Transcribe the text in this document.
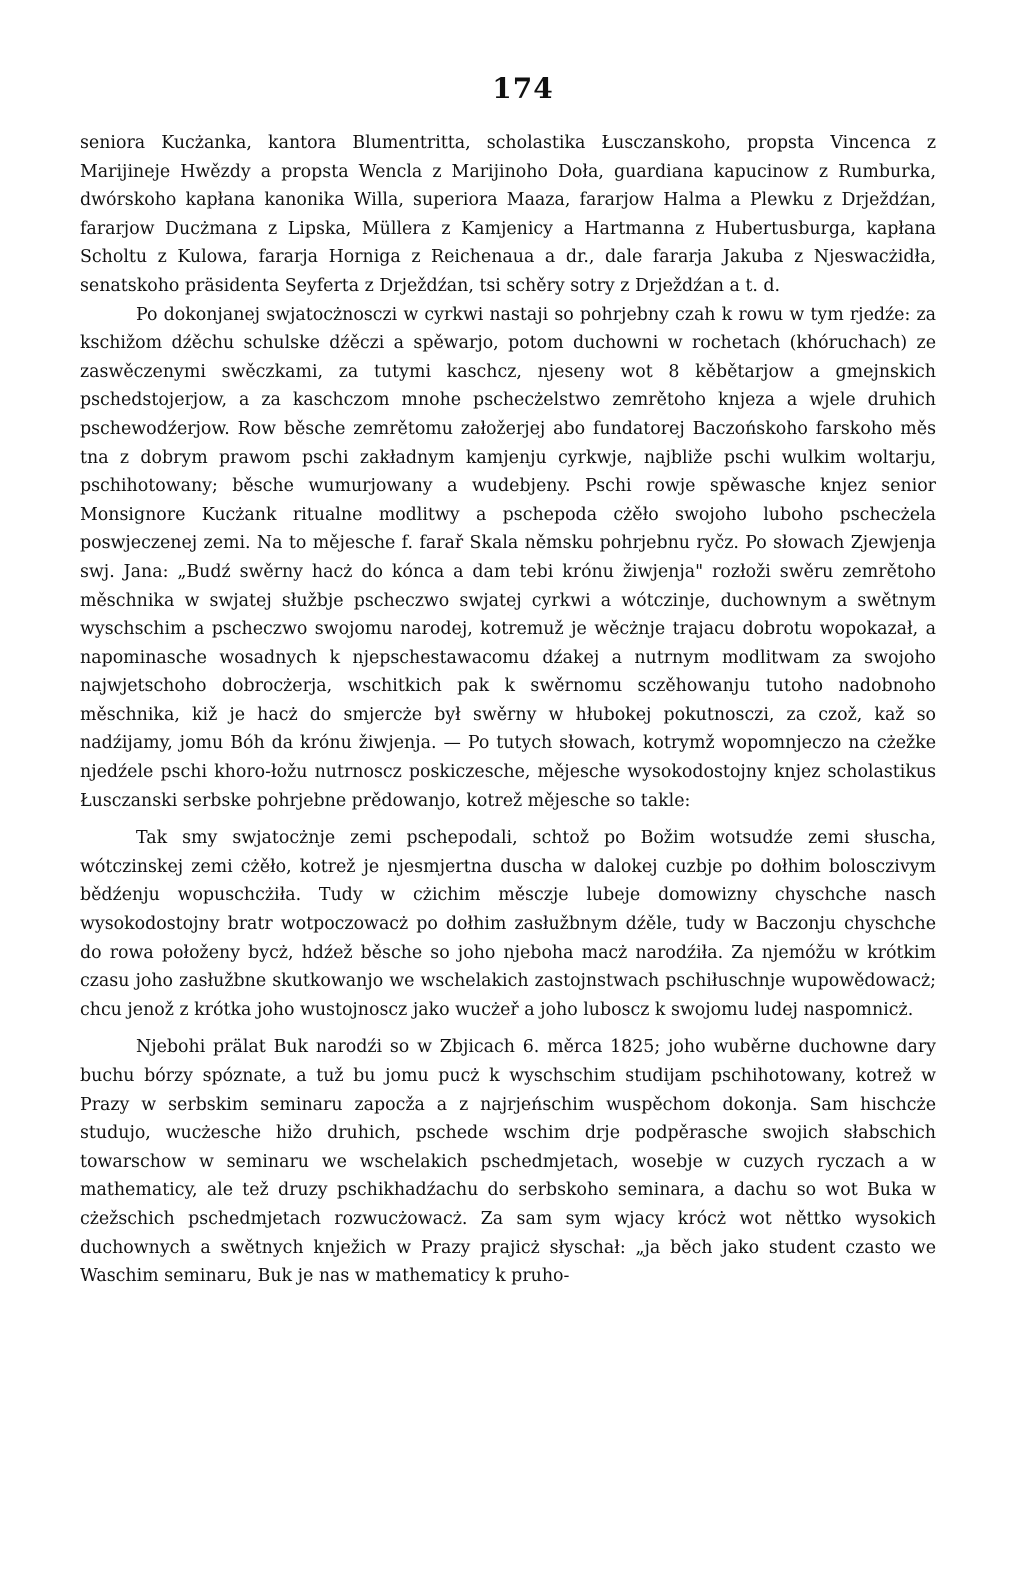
174

seniora Kucżanka, kantora Blumentritta, scholastika Łusczanskoho, propsta Vincenca z Marijineje Hwězdy a propsta Wencla z Marijinoho Doła, guardiana kapucinow z Rumburka, dwórskoho kapłana kanonika Willa, superiora Maaza, fararjow Halma a Plewku z Drježdźan, fararjow Ducżmana z Lipska, Müllera z Kamjenicy a Hartmanna z Hubertusburga, kapłana Scholtu z Kulowa, fararja Horniga z Reichenaua a dr., dale fararja Jakuba z Njeswacżidła, senatskoho präsidenta Seyferta z Drježdźan, tsi schěry sotry z Drježdźan a t. d.

Po dokonjanej swjatocżnosczi w cyrkwi nastaji so pohrjebny czah k rowu w tym rjedźe: za kschižom dźěchu schulske dźěczi a spěwarjo, potom duchowni w rochetach (khóruchach) ze zaswěczenymi swěczkami, za tutymi kaschcz, njeseny wot 8 kěbětarjow a gmejnskich pschedstojerjow, a za kaschczom mnohe pschecżelstwo zemrětoho knjeza a wjele druhich pschewodźerjow. Row běsche zemrětomu załožerjej abo fundatorej Baczońskoho farskoho měs tna z dobrym prawom pschi zakładnym kamjenju cyrkwje, najbliže pschi wulkim woltarju, pschihotowany; běsche wumurjowany a wudebjeny. Pschi rowje spěwasche knjez senior Monsignore Kucżank ritualne modlitwy a pschepoda cżěło swojoho luboho pschecżela poswjeczenej zemi. Na to mějesche f. farař Skala němsku pohrjebnu ryčz. Po słowach Zjewjenja swj. Jana: „Budź swěrny hacż do kónca a dam tebi krónu žiwjenja" rozłoži swěru zemrětoho měschnika w swjatej słužbje pscheczwo swjatej cyrkwi a wótczinje, duchownym a swětnym wyschschim a pscheczwo swojomu narodej, kotremuž je wěcżnje trajacu dobrotu wopokazał, a napominasche wosadnych k njepschestawacomu dźakej a nutrnym modlitwam za swojoho najwjetschoho dobrocżerja, wschitkich pak k swěrnomu sczěhowanju tutoho nadobnoho měschnika, kiž je hacż do smjercże był swěrny w hłubokej pokutnosczi, za czož, kaž so nadźijamy, jomu Bóh da krónu žiwjenja. — Po tutych słowach, kotrymž wopomnjeczo na cżežke njedźele pschi khoro-łožu nutrnoscz poskiczesche, mějesche wysokodostojny knjez scholastikus Łusczanski serbske pohrjebne prědowanjo, kotrež mějesche so takle:

Tak smy swjatocżnje zemi pschepodali, schtož po Božim wotsudźe zemi słuscha, wótczinskej zemi cżěło, kotrež je njesmjertna duscha w dalokej cuzbje po dołhim bolosczivym bědźenju wopuschcżiła. Tudy w cżichim měsczje lubeje domowizny chyschche nasch wysokodostojny bratr wotpoczowacż po dołhim zasłužbnym dźěle, tudy w Baczonju chyschche do rowa połoženy bycż, hdźež běsche so joho njeboha macż narodźiła. Za njemóžu w krótkim czasu joho zasłužbne skutkowanjo we wschelakich zastojnstwach pschiłuschnje wupowědowacż; chcu jenož z krótka joho wustojnoscz jako wucżeř a joho luboscz k swojomu ludej naspomnicż.

Njebohi prälat Buk narodźi so w Zbjicach 6. měrca 1825; joho wuběrne duchowne dary buchu bórzy spóznate, a tuž bu jomu pucż k wyschschim studijam pschihotowany, kotrež w Prazy w serbskim seminaru zapocža a z najrjeńschim wuspěchom dokonja. Sam hischcże studujo, wucżesche hižo druhich, pschede wschim drje podpěrasche swojich słabschich towarschow w seminaru we wschelakich pschedmjetach, wosebje w cuzych ryczach a w mathematicy, ale tež druzy pschikhadźachu do serbskoho seminara, a dachu so wot Buka w cżežschich pschedmjetach rozwucżowacż. Za sam sym wjacy krócż wot něttko wysokich duchownych a swětnych knježich w Prazy prajicż słyschał: „ja běch jako student czasto we Waschim seminaru, Buk je nas w mathematicy k pruho-
